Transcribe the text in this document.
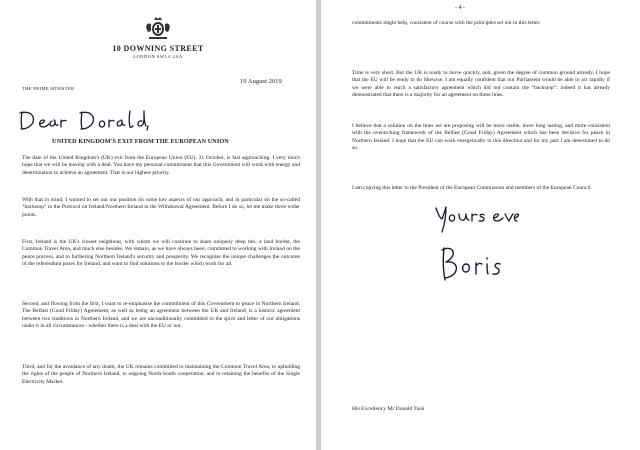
10 DOWNING STREET
LONDON SW1A 2AA
THE PRIME MINISTER
19 August 2019
UNITED KINGDOM'S EXIT FROM THE EUROPEAN UNION

The date of the United Kingdom's (UK) exit from the European Union (EU), 31 October, is fast approaching. I very much hope that we will be leaving with a deal. You have my personal commitment that this Government will work with energy and determination to achieve an agreement. That is our highest priority.

With that in mind, I wanted to set out our position on some key aspects of our approach, and in particular on the so-called “backstop” in the Protocol on Ireland/Northern Ireland in the Withdrawal Agreement. Before I do so, let me make three wider points.

First, Ireland is the UK's closest neighbour, with whom we will continue to share uniquely deep ties, a land border, the Common Travel Area, and much else besides. We remain, as we have always been, committed to working with Ireland on the peace process, and to furthering Northern Ireland's security and prosperity. We recognise the unique challenges the outcome of the referendum poses for Ireland, and want to find solutions to the border which work for all.

Second, and flowing from the first, I want to re-emphasise the commitment of this Government to peace in Northern Ireland. The Belfast (Good Friday) Agreement, as well as being an agreement between the UK and Ireland, is a historic agreement between two traditions in Northern Ireland, and we are unconditionally committed to the spirit and letter of our obligations under it in all circumstances - whether there is a deal with the EU or not.

Third, and for the avoidance of any doubt, the UK remains committed to maintaining the Common Travel Area, to upholding the rights of the people of Northern Ireland, to ongoing North-South cooperation, and to retaining the benefits of the Single Electricity Market.

- 4 -

commitments might help, consistent of course with the principles set out in this letter.

Time is very short. But the UK is ready to move quickly, and, given the degree of common ground already, I hope that the EU will be ready to do likewise. I am equally confident that our Parliament would be able to act rapidly if we were able to reach a satisfactory agreement which did not contain the “backstop”: indeed it has already demonstrated that there is a majority for an agreement on these lines.

I believe that a solution on the lines we are proposing will be more stable, more long lasting, and more consistent with the overarching framework of the Belfast (Good Friday) Agreement which has been decisive for peace in Northern Ireland. I hope that the EU can work energetically in this direction and for my part I am determined to do so.

I am copying this letter to the President of the European Commission and members of the European Council.

His Excellency Mr Donald Tusk
